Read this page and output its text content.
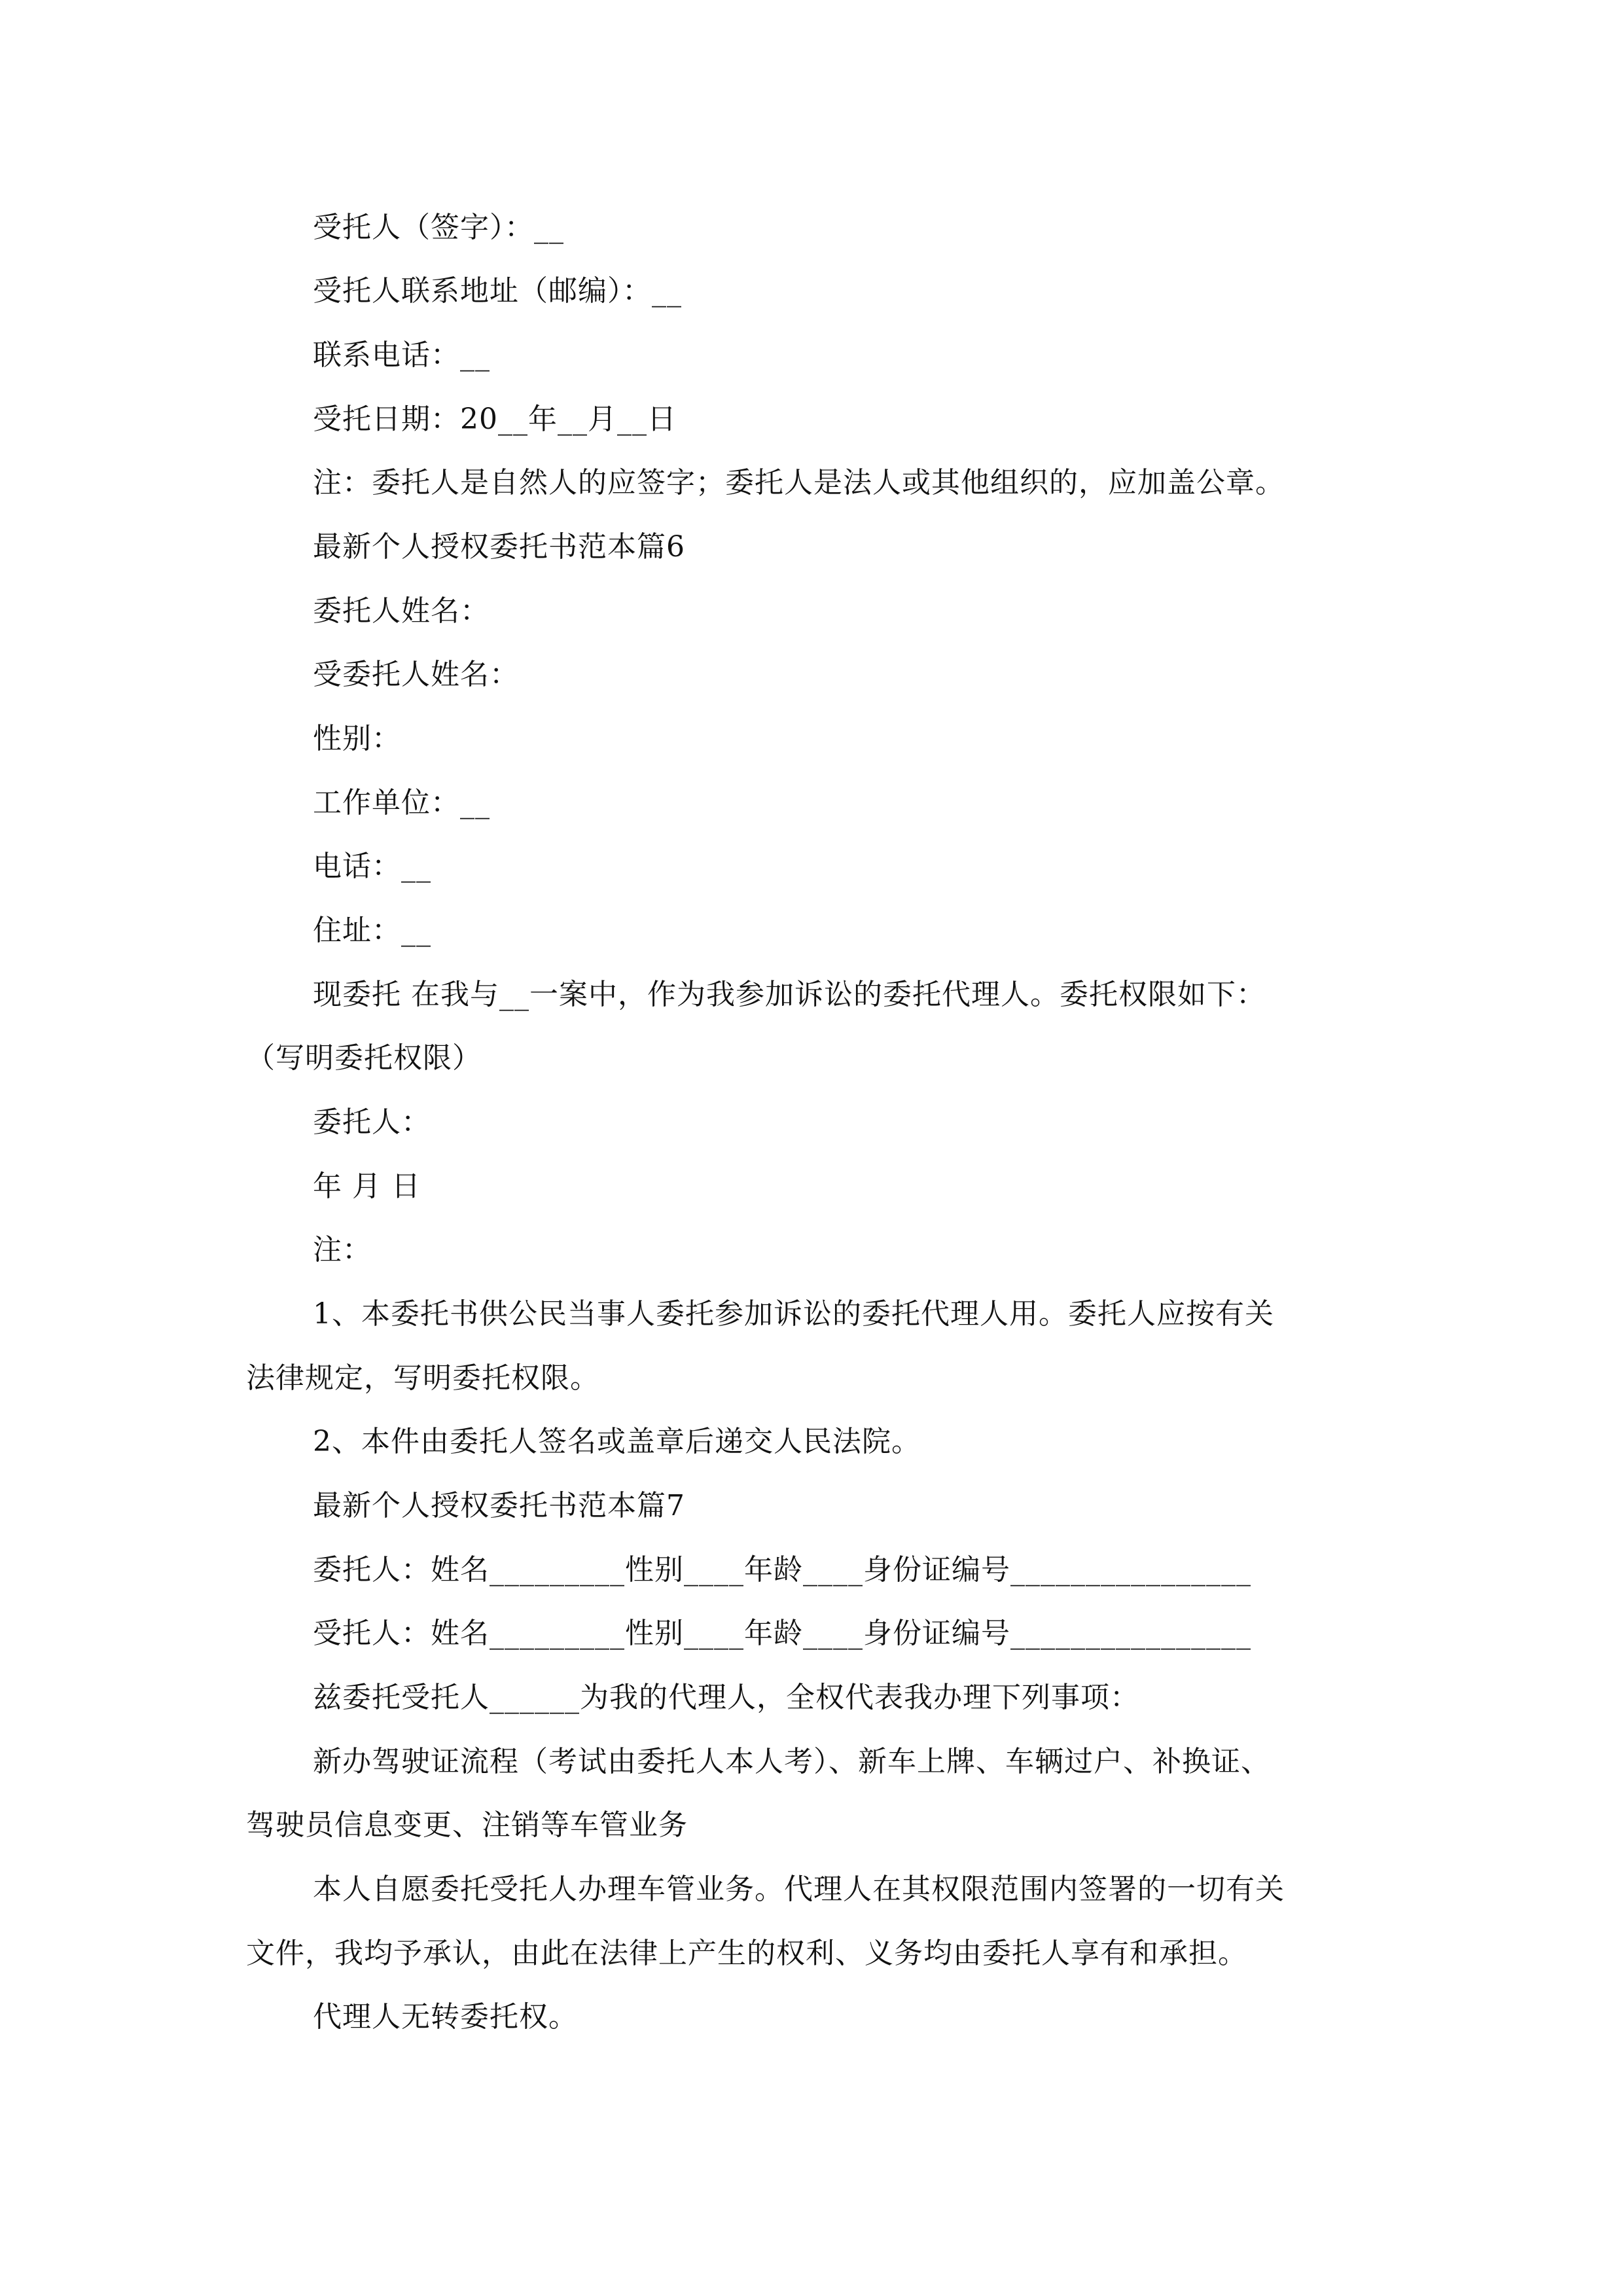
受托人（签字）：__
受托人联系地址（邮编）：__
联系电话：__
受托日期：20__年__月__日
注：委托人是自然人的应签字；委托人是法人或其他组织的，应加盖公章。
最新个人授权委托书范本篇6
委托人姓名：
受委托人姓名：
性别：
工作单位：__
电话：__
住址：__
现委托 在我与__一案中，作为我参加诉讼的委托代理人。委托权限如下：
（写明委托权限）
委托人：
年 月 日
注：
1、本委托书供公民当事人委托参加诉讼的委托代理人用。委托人应按有关
法律规定，写明委托权限。
2、本件由委托人签名或盖章后递交人民法院。
最新个人授权委托书范本篇7
委托人：姓名_________性别____年龄____身份证编号________________
受托人：姓名_________性别____年龄____身份证编号________________
兹委托受托人______为我的代理人，全权代表我办理下列事项：
新办驾驶证流程（考试由委托人本人考）、新车上牌、车辆过户、补换证、
驾驶员信息变更、注销等车管业务
本人自愿委托受托人办理车管业务。代理人在其权限范围内签署的一切有关
文件，我均予承认，由此在法律上产生的权利、义务均由委托人享有和承担。
代理人无转委托权。
